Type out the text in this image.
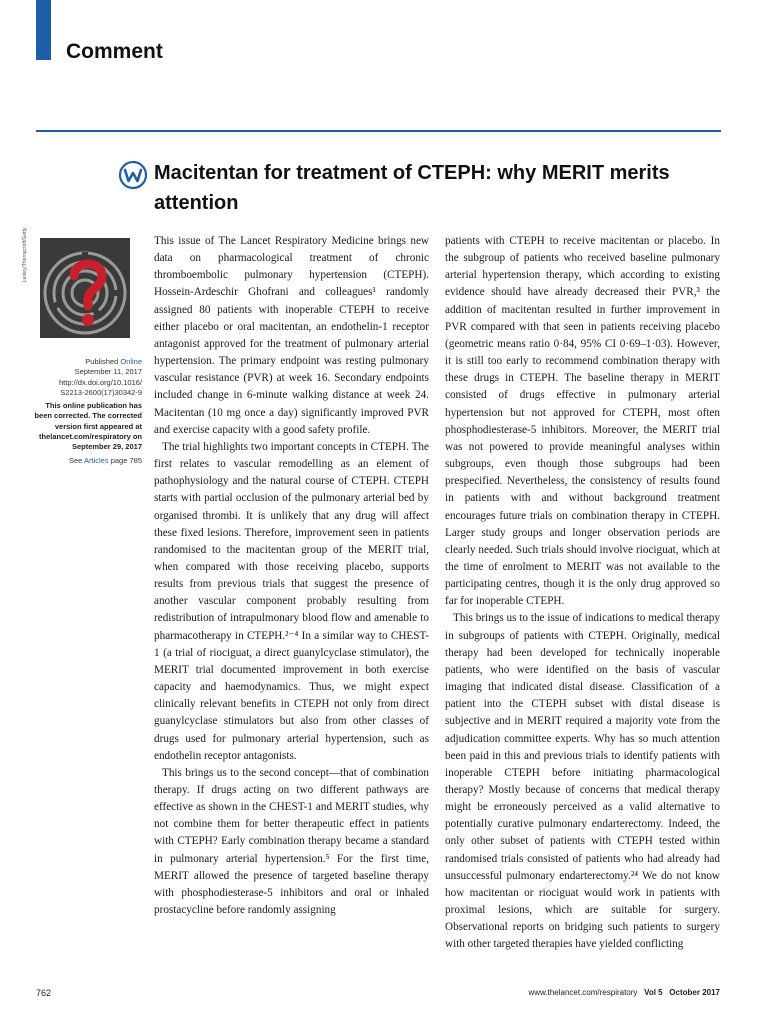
Comment
Macitentan for treatment of CTEPH: why MERIT merits attention
Lesley/Thornycroft/Getty

Published Online
September 11, 2017
http://dx.doi.org/10.1016/
S2213-2600(17)30342-9

This online publication has been corrected. The corrected version first appeared at thelancet.com/respiratory on September 29, 2017

See Articles page 785

This issue of The Lancet Respiratory Medicine brings new data on pharmacological treatment of chronic thromboembolic pulmonary hypertension (CTEPH). Hossein-Ardeschir Ghofrani and colleagues¹ randomly assigned 80 patients with inoperable CTEPH to receive either placebo or oral macitentan, an endothelin-1 receptor antagonist approved for the treatment of pulmonary arterial hypertension. The primary endpoint was resting pulmonary vascular resistance (PVR) at week 16. Secondary endpoints included change in 6-minute walking distance at week 24. Macitentan (10 mg once a day) significantly improved PVR and exercise capacity with a good safety profile.

The trial highlights two important concepts in CTEPH. The first relates to vascular remodelling as an element of pathophysiology and the natural course of CTEPH. CTEPH starts with partial occlusion of the pulmonary arterial bed by organised thrombi. It is unlikely that any drug will affect these fixed lesions. Therefore, improvement seen in patients randomised to the macitentan group of the MERIT trial, when compared with those receiving placebo, supports results from previous trials that suggest the presence of another vascular component probably resulting from redistribution of intrapulmonary blood flow and amenable to pharmacotherapy in CTEPH.²⁻⁴ In a similar way to CHEST-1 (a trial of riociguat, a direct guanylcyclase stimulator), the MERIT trial documented improvement in both exercise capacity and haemodynamics. Thus, we might expect clinically relevant benefits in CTEPH not only from direct guanylcyclase stimulators but also from other classes of drugs used for pulmonary arterial hypertension, such as endothelin receptor antagonists.

This brings us to the second concept—that of combination therapy. If drugs acting on two different pathways are effective as shown in the CHEST-1 and MERIT studies, why not combine them for better therapeutic effect in patients with CTEPH? Early combination therapy became a standard in pulmonary arterial hypertension.⁵ For the first time, MERIT allowed the presence of targeted baseline therapy with phosphodiesterase-5 inhibitors and oral or inhaled prostacycline before randomly assigning

patients with CTEPH to receive macitentan or placebo. In the subgroup of patients who received baseline pulmonary arterial hypertension therapy, which according to existing evidence should have already decreased their PVR,³ the addition of macitentan resulted in further improvement in PVR compared with that seen in patients receiving placebo (geometric means ratio 0·84, 95% CI 0·69–1·03). However, it is still too early to recommend combination therapy with these drugs in CTEPH. The baseline therapy in MERIT consisted of drugs effective in pulmonary arterial hypertension but not approved for CTEPH, most often phosphodiesterase-5 inhibitors. Moreover, the MERIT trial was not powered to provide meaningful analyses within subgroups, even though those subgroups had been prespecified. Nevertheless, the consistency of results found in patients with and without background treatment encourages future trials on combination therapy in CTEPH. Larger study groups and longer observation periods are clearly needed. Such trials should involve riociguat, which at the time of enrolment to MERIT was not available to the participating centres, though it is the only drug approved so far for inoperable CTEPH.

This brings us to the issue of indications to medical therapy in subgroups of patients with CTEPH. Originally, medical therapy had been developed for technically inoperable patients, who were identified on the basis of vascular imaging that indicated distal disease. Classification of a patient into the CTEPH subset with distal disease is subjective and in MERIT required a majority vote from the adjudication committee experts. Why has so much attention been paid in this and previous trials to identify patients with inoperable CTEPH before initiating pharmacological therapy? Mostly because of concerns that medical therapy might be erroneously perceived as a valid alternative to potentially curative pulmonary endarterectomy. Indeed, the only other subset of patients with CTEPH tested within randomised trials consisted of patients who had already had unsuccessful pulmonary endarterectomy.²⁴ We do not know how macitentan or riociguat would work in patients with proximal lesions, which are suitable for surgery. Observational reports on bridging such patients to surgery with other targeted therapies have yielded conflicting

762	www.thelancet.com/respiratory Vol 5 October 2017
